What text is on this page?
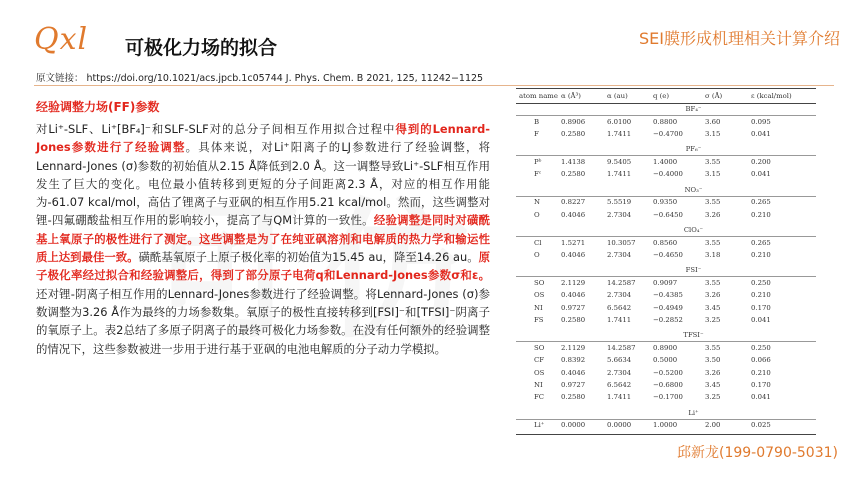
Qxl 可极化力场的拟合	SEI膜形成机理相关计算介绍
原文链接： https://doi.org/10.1021/acs.jpcb.1c05744 J. Phys. Chem. B 2021, 125, 11242−1125
经验调整力场(FF)参数
对Li⁺-SLF、Li⁺[BF₄]⁻和SLF-SLF对的总分子间相互作用拟合过程中得到的Lennard-Jones参数进行了经验调整。具体来说，对Li⁺阳离子的LJ参数进行了经验调整，将Lennard-Jones (σ)参数的初始值从2.15 Å降低到2.0 Å。这一调整导致Li⁺-SLF相互作用发生了巨大的变化。电位最小值转移到更短的分子间距离2.3 Å，对应的相互作用能为-61.07 kcal/mol，高估了锂离子与亚砜的相互作用5.21 kcal/mol。然而，这些调整对锂-四氟硼酸盐相互作用的影响较小，提高了与QM计算的一致性。经验调整是同时对磺酰基上氧原子的极性进行了测定。这些调整是为了在纯亚砜溶剂和电解质的热力学和输运性质上达到最佳一致。磺酰基氧原子上原子极化率的初始值为15.45 au，降至14.26 au。原子极化率经过拟合和经验调整后，得到了部分原子电荷q和Lennard-Jones参数σ和ε。还对锂-阴离子相互作用的Lennard-Jones参数进行了经验调整。将Lennard-Jones (σ)参数调整为3.26 Å作为最终的力场参数集。氧原子的极性直接转移到[FSI]⁻和[TFSI]⁻阴离子的氧原子上。表2总结了多原子阴离子的最终可极化力场参数。在没有任何额外的经验调整的情况下，这些参数被进一步用于进行基于亚砜的电池电解质的分子动力学模拟。
atom name α (Å³)	α (au)	q (e)	σ (Å)	ε (kcal/mol)
BF₄⁻
B	0.8906	6.0100	0.8800	3.60	0.095
F	0.2580	1.7411	−0.4700	3.15	0.041
PF₆⁻
Pᵇ	1.4138	9.5405	1.4000	3.55	0.200
Fᶜ	0.2580	1.7411	−0.4000	3.15	0.041
NO₃⁻
N	0.8227	5.5519	0.9350	3.55	0.265
O	0.4046	2.7304	−0.6450	3.26	0.210
ClO₄⁻
Cl	1.5271	10.3057	0.8560	3.55	0.265
O	0.4046	2.7304	−0.4650	3.18	0.210
FSI⁻
SO	2.1129	14.2587	0.9097	3.55	0.250
OS	0.4046	2.7304	−0.4385	3.26	0.210
NI	0.9727	6.5642	−0.4949	3.45	0.170
FS	0.2580	1.7411	−0.2852	3.25	0.041
TFSI⁻
SO	2.1129	14.2587	0.8900	3.55	0.250
CF	0.8392	5.6634	0.5000	3.50	0.066
OS	0.4046	2.7304	−0.5200	3.26	0.210
NI	0.9727	6.5642	−0.6800	3.45	0.170
FC	0.2580	1.7411	−0.1700	3.25	0.041
Li⁺
Li⁺	0.0000	0.0000	1.0000	2.00	0.025
邱新龙(199-0790-5031)
